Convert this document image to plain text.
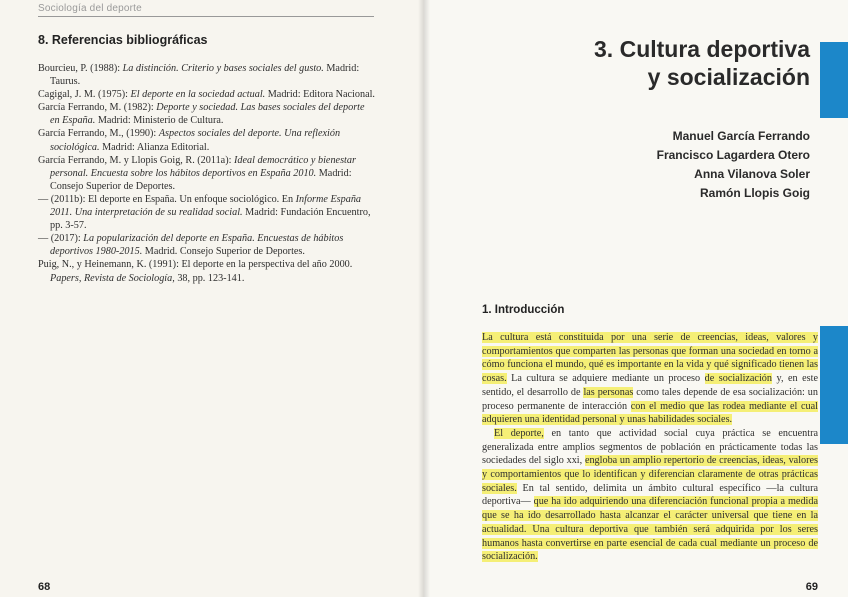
Sociología del deporte
8. Referencias bibliográficas

Bourcieu, P. (1988): La distinción. Criterio y bases sociales del gusto. Madrid: Taurus.

Cagigal, J. M. (1975): El deporte en la sociedad actual. Madrid: Editora Nacional.

García Ferrando, M. (1982): Deporte y sociedad. Las bases sociales del deporte en España. Madrid: Ministerio de Cultura.

García Ferrando, M., (1990): Aspectos sociales del deporte. Una reflexión sociológica. Madrid: Alianza Editorial.

García Ferrando, M. y Llopis Goig, R. (2011a): Ideal democrático y bienestar personal. Encuesta sobre los hábitos deportivos en España 2010. Madrid: Consejo Superior de Deportes.

— (2011b): El deporte en España. Un enfoque sociológico. En Informe España 2011. Una interpretación de su realidad social. Madrid: Fundación Encuentro, pp. 3-57.

— (2017): La popularización del deporte en España. Encuestas de hábitos deportivos 1980-2015. Madrid. Consejo Superior de Deportes.

Puig, N., y Heinemann, K. (1991): El deporte en la perspectiva del año 2000. Papers, Revista de Sociología, 38, pp. 123-141.

68
3. Cultura deportiva
y socialización
Manuel García Ferrando
Francisco Lagardera Otero
Anna Vilanova Soler
Ramón Llopis Goig
1. Introducción

La cultura está constituida por una serie de creencias, ideas, valores y comportamientos que comparten las personas que forman una sociedad en torno a cómo funciona el mundo, qué es importante en la vida y qué significado tienen las cosas. La cultura se adquiere mediante un proceso de socialización y, en este sentido, el desarrollo de las personas como tales depende de esa socialización: un proceso permanente de interacción con el medio que las rodea mediante el cual adquieren una identidad personal y unas habilidades sociales.

El deporte, en tanto que actividad social cuya práctica se encuentra generalizada entre amplios segmentos de población en prácticamente todas las sociedades del siglo xxi, engloba un amplio repertorio de creencias, ideas, valores y comportamientos que lo identifican y diferencian claramente de otras prácticas sociales. En tal sentido, delimita un ámbito cultural específico —la cultura deportiva— que ha ido adquiriendo una diferenciación funcional propia a medida que se ha ido desarrollado hasta alcanzar el carácter universal que tiene en la actualidad. Una cultura deportiva que también será adquirida por los seres humanos hasta convertirse en parte esencial de cada cual mediante un proceso de socialización.

69
